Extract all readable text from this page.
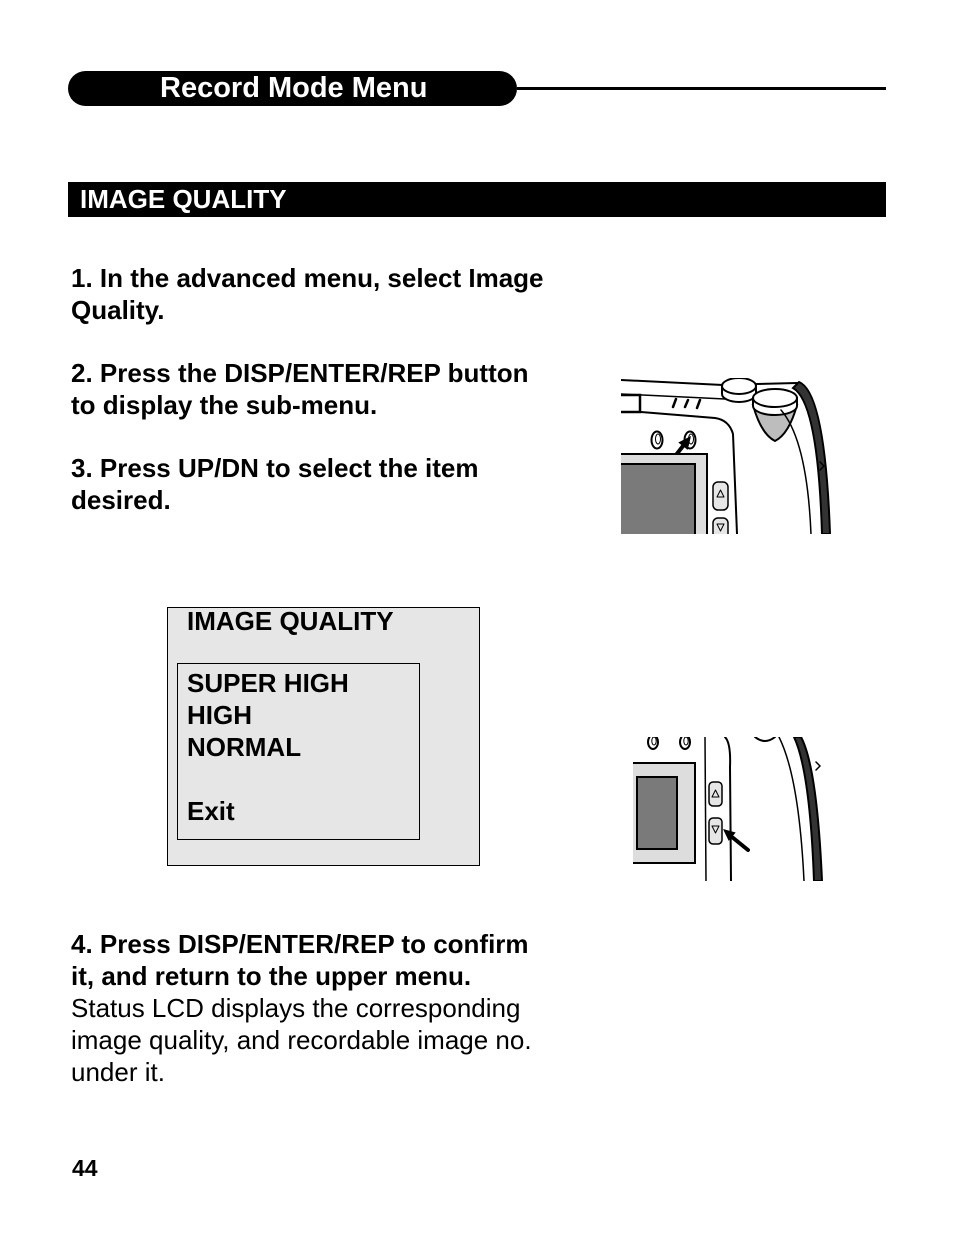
Record Mode Menu
IMAGE QUALITY
1. In the advanced menu, select Image
Quality.
2. Press the DISP/ENTER/REP button
to display the sub-menu.
3. Press UP/DN to select the item
desired.
IMAGE QUALITY
SUPER HIGH
HIGH
NORMAL
Exit
4. Press DISP/ENTER/REP to confirm
it, and return to the upper menu.
Status LCD displays the corresponding
image quality, and recordable image no.
under it.
44
